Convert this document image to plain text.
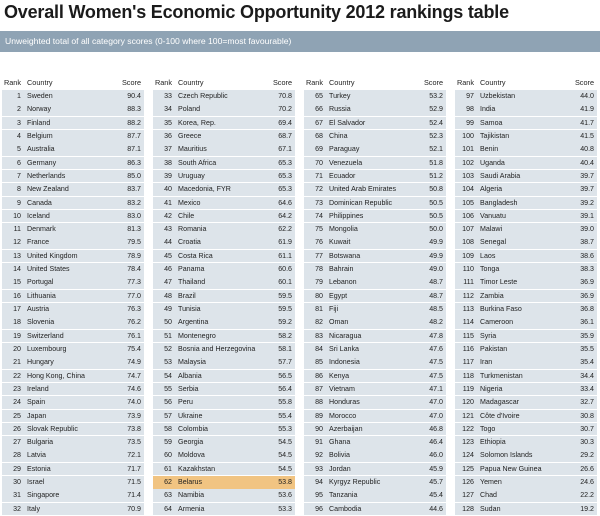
Overall Women's Economic Opportunity 2012 rankings table
Unweighted total of all category scores (0-100 where 100=most favourable)
Rank Country	Score
1 Sweden	90.4
2 Norway	88.3
3 Finland	88.2
4 Belgium	87.7
5 Australia	87.1
6 Germany	86.3
7 Netherlands	85.0
8 New Zealand	83.7
9 Canada	83.2
10 Iceland	83.0
11 Denmark	81.3
12 France	79.5
13 United Kingdom	78.9
14 United States	78.4
15 Portugal	77.3
16 Lithuania	77.0
17 Austria	76.3
18 Slovenia	76.2
19 Switzerland	76.1
20 Luxembourg	75.4
21 Hungary	74.9
22 Hong Kong, China	74.7
23 Ireland	74.6
24 Spain	74.0
25 Japan	73.9
26 Slovak Republic	73.8
27 Bulgaria	73.5
28 Latvia	72.1
29 Estonia	71.7
30 Israel	71.5
31 Singapore	71.4
32 Italy	70.9
Rank Country	Score
33 Czech Republic	70.8
34 Poland	70.2
35 Korea, Rep.	69.4
36 Greece	68.7
37 Mauritius	67.1
38 South Africa	65.3
39 Uruguay	65.3
40 Macedonia, FYR	65.3
41 Mexico	64.6
42 Chile	64.2
43 Romania	62.2
44 Croatia	61.9
45 Costa Rica	61.1
46 Panama	60.6
47 Thailand	60.1
48 Brazil	59.5
49 Tunisia	59.5
50 Argentina	59.2
51 Montenegro	58.2
52 Bosnia and Herzegovina	58.1
53 Malaysia	57.7
54 Albania	56.5
55 Serbia	56.4
56 Peru	55.8
57 Ukraine	55.4
58 Colombia	55.3
59 Georgia	54.5
60 Moldova	54.5
61 Kazakhstan	54.5
62 Belarus	53.8
63 Namibia	53.6
64 Armenia	53.3
Rank Country	Score
65 Turkey	53.2
66 Russia	52.9
67 El Salvador	52.4
68 China	52.3
69 Paraguay	52.1
70 Venezuela	51.8
71 Ecuador	51.2
72 United Arab Emirates	50.8
73 Dominican Republic	50.5
74 Philippines	50.5
75 Mongolia	50.0
76 Kuwait	49.9
77 Botswana	49.9
78 Bahrain	49.0
79 Lebanon	48.7
80 Egypt	48.7
81 Fiji	48.5
82 Oman	48.2
83 Nicaragua	47.8
84 Sri Lanka	47.6
85 Indonesia	47.5
86 Kenya	47.5
87 Vietnam	47.1
88 Honduras	47.0
89 Morocco	47.0
90 Azerbaijan	46.8
91 Ghana	46.4
92 Bolivia	46.0
93 Jordan	45.9
94 Kyrgyz Republic	45.7
95 Tanzania	45.4
96 Cambodia	44.6
Rank Country	Score
97 Uzbekistan	44.0
98 India	41.9
99 Samoa	41.7
100 Tajikistan	41.5
101 Benin	40.8
102 Uganda	40.4
103 Saudi Arabia	39.7
104 Algeria	39.7
105 Bangladesh	39.2
106 Vanuatu	39.1
107 Malawi	39.0
108 Senegal	38.7
109 Laos	38.6
110 Tonga	38.3
111 Timor Leste	36.9
112 Zambia	36.9
113 Burkina Faso	36.8
114 Cameroon	36.1
115 Syria	35.9
116 Pakistan	35.5
117 Iran	35.4
118 Turkmenistan	34.4
119 Nigeria	33.4
120 Madagascar	32.7
121 Côte d'Ivoire	30.8
122 Togo	30.7
123 Ethiopia	30.3
124 Solomon Islands	29.2
125 Papua New Guinea	26.6
126 Yemen	24.6
127 Chad	22.2
128 Sudan	19.2
